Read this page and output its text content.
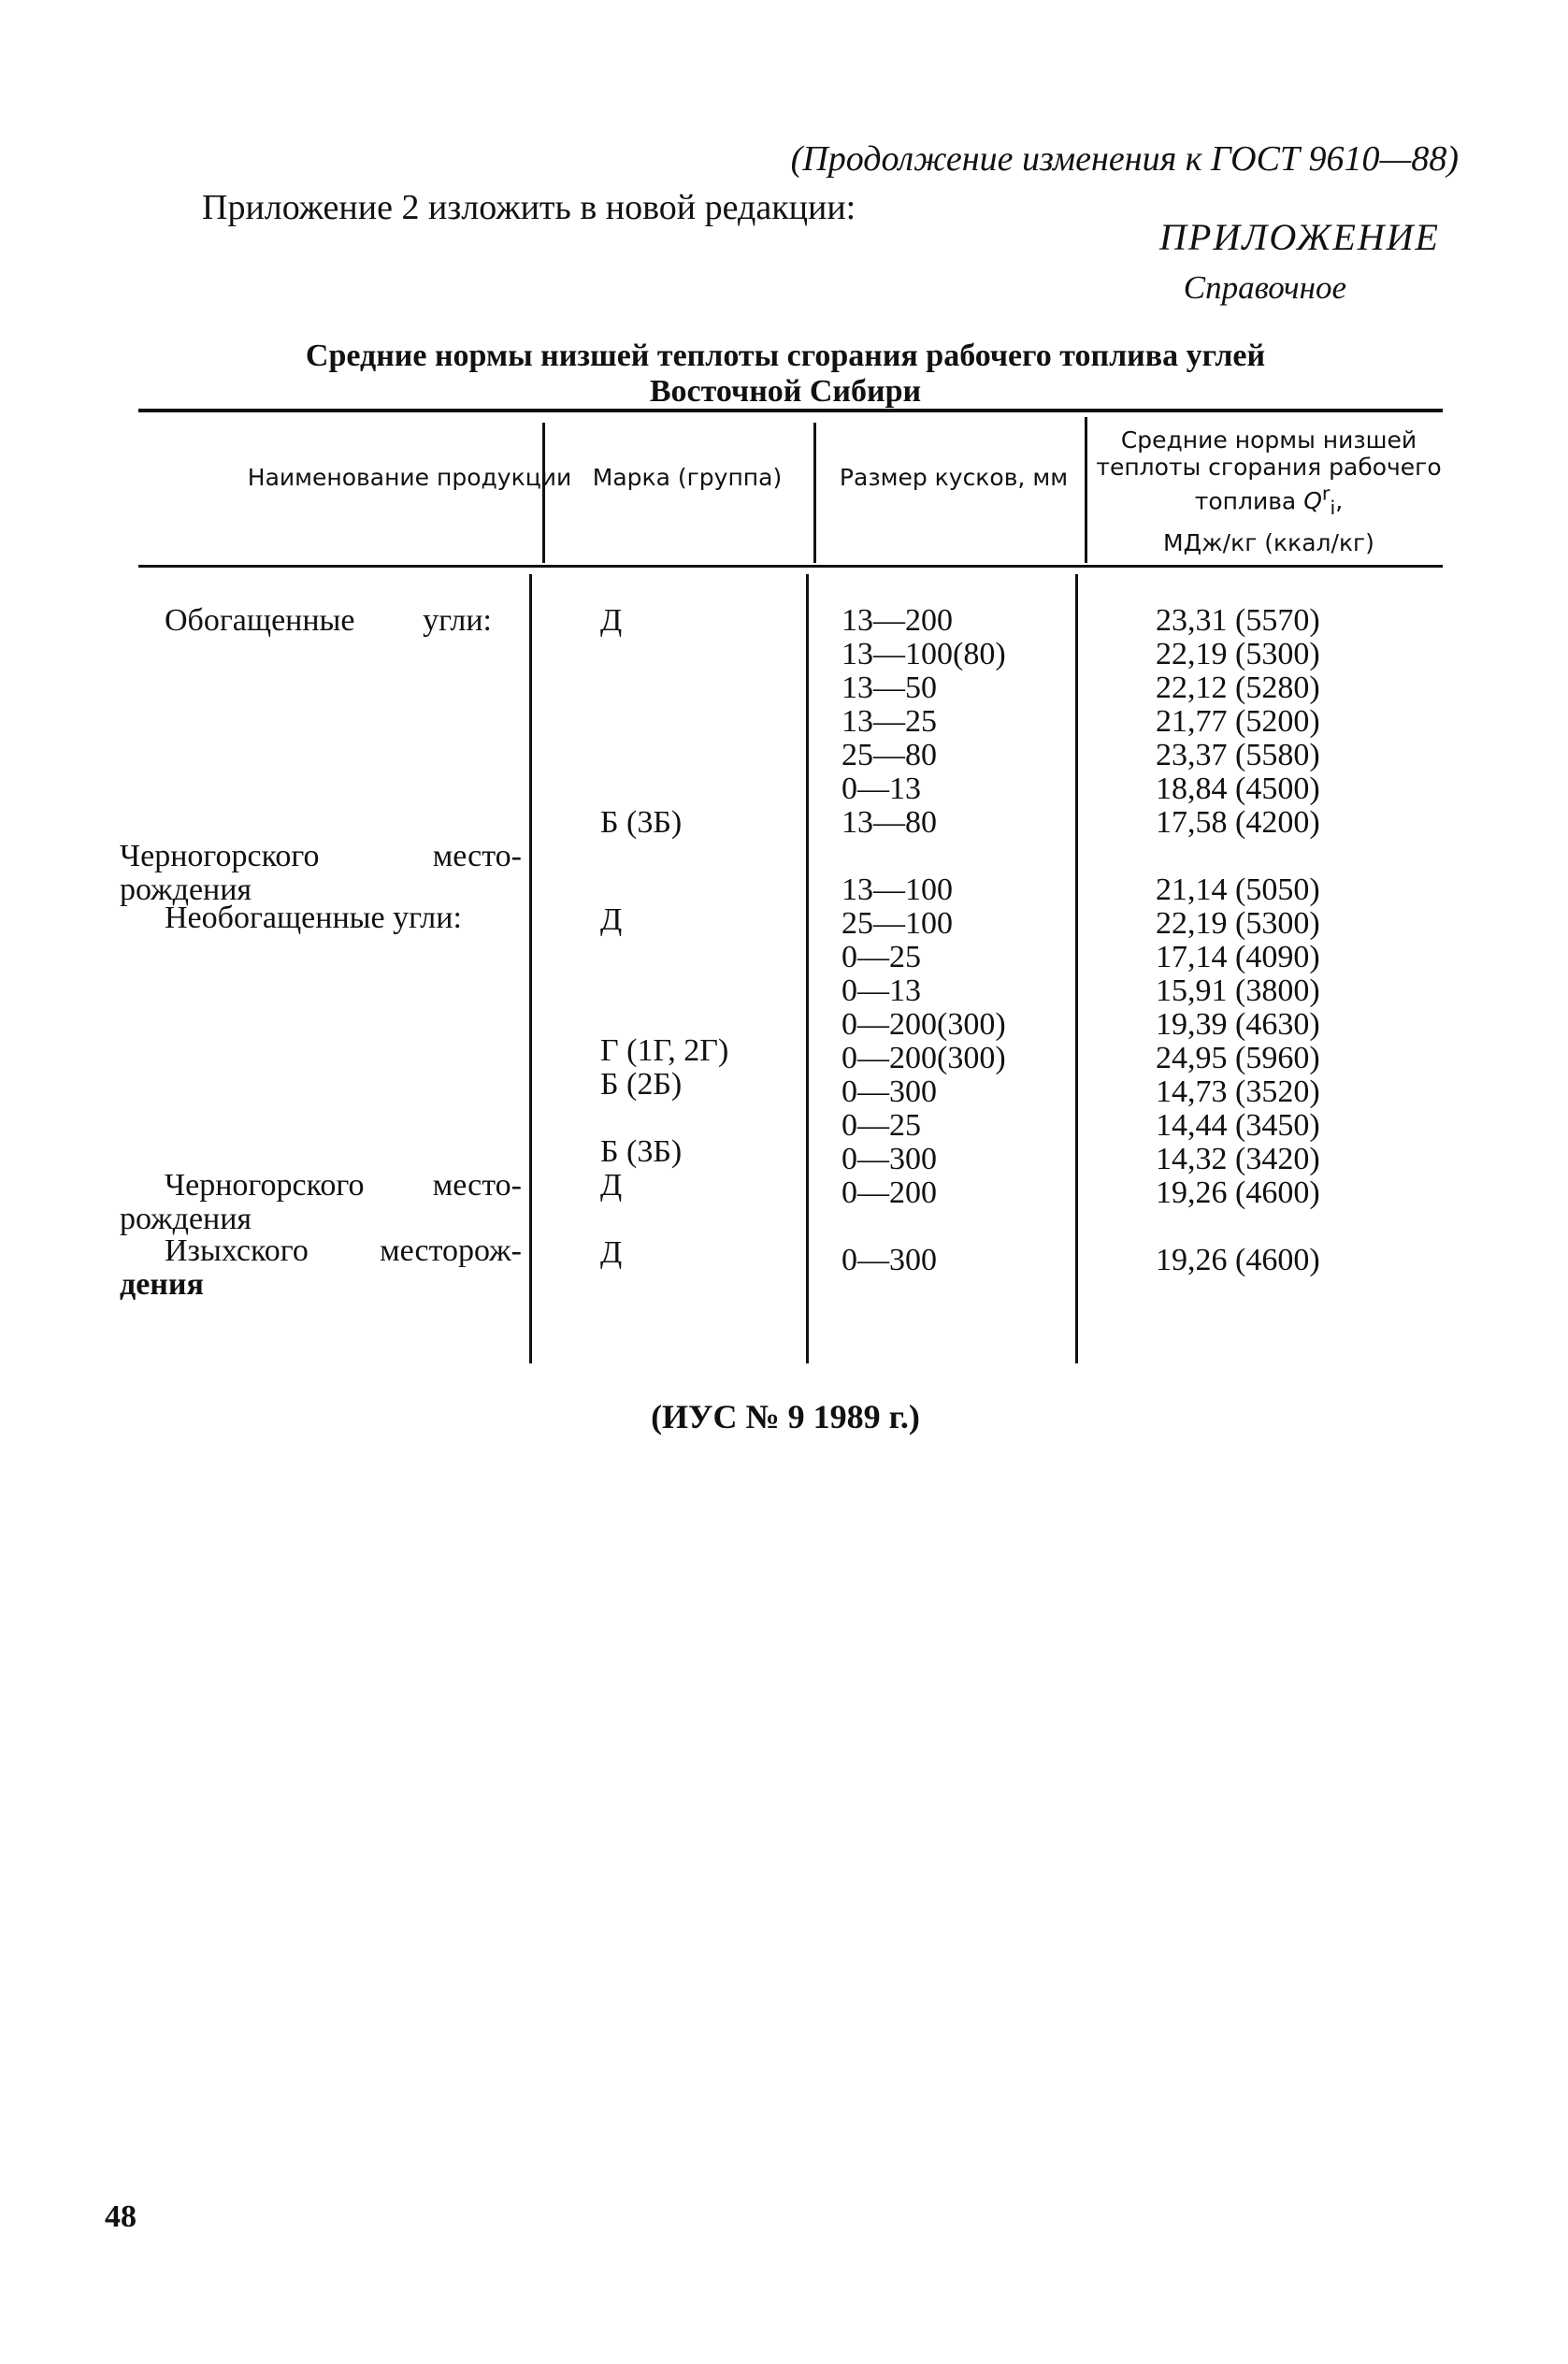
(Продолжение изменения к ГОСТ 9610—88)
Приложение 2 изложить в новой редакции:
ПРИЛОЖЕНИЕ
Справочное
Средние нормы низшей теплоты сгорания рабочего топлива углей
Восточной Сибири
Наименование продукции Марка (группа)	Размер кусков, мм
Средние нормы низшей теплоты сгорания рабочего топлива $Q^r_i$,
МДж/кг (ккал/кг)
Обогащенные угли:
Черногорского	место-
рождения
Необогащенные угли:
Черногорского место-
рождения
Изыхского месторож-
дения
Д
Б (3Б)
Д
Г (1Г, 2Г)
Б (2Б)
Б (3Б)
Д
Д
13—200
13—100(80)
13—50
13—25
25—80
0—13
13—80
13—100
25—100
0—25
0—13
0—200(300)
0—200(300)
0—300
0—25
0—300
0—200
0—300
23,31 (5570)
22,19 (5300)
22,12 (5280)
21,77 (5200)
23,37 (5580)
18,84 (4500)
17,58 (4200)
21,14 (5050)
22,19 (5300)
17,14 (4090)
15,91 (3800)
19,39 (4630)
24,95 (5960)
14,73 (3520)
14,44 (3450)
14,32 (3420)
19,26 (4600)
19,26 (4600)
(ИУС № 9 1989 г.)
48
